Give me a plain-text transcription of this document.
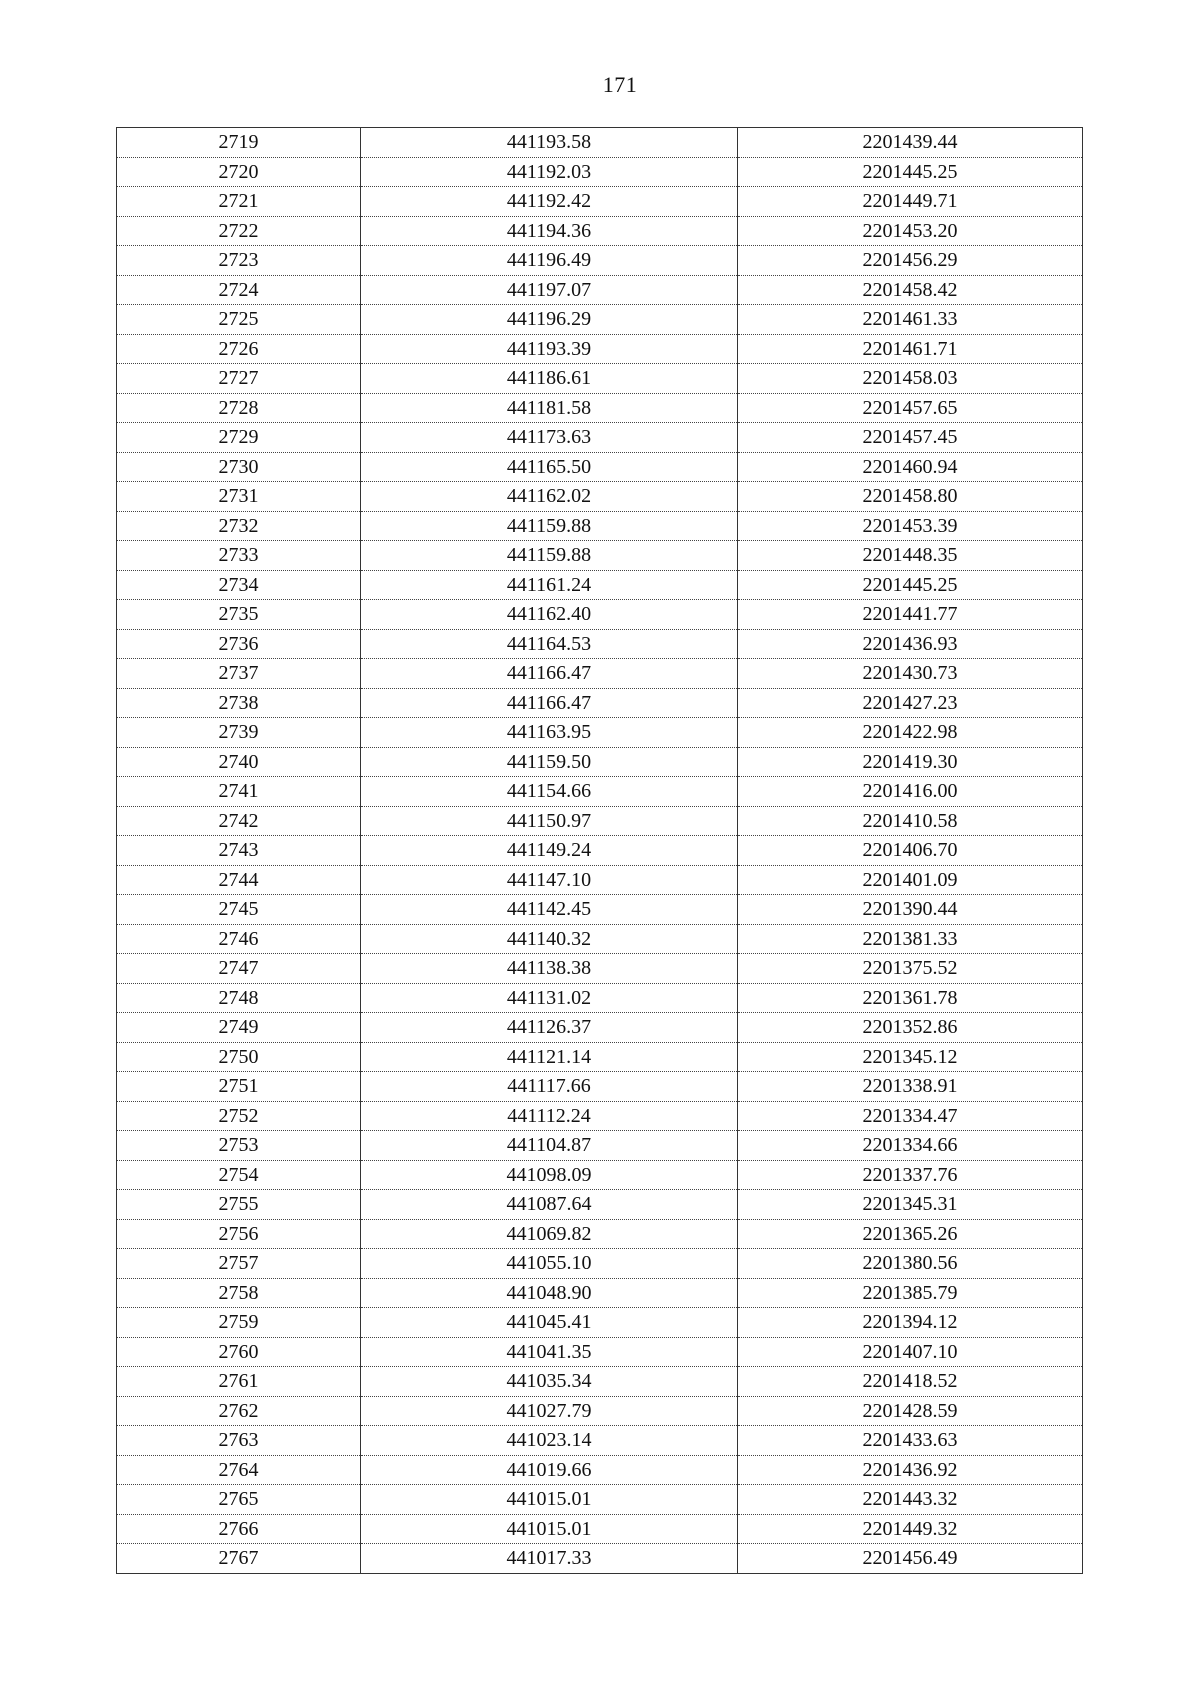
171
2719	441193.58	2201439.44
2720	441192.03	2201445.25
2721	441192.42	2201449.71
2722	441194.36	2201453.20
2723	441196.49	2201456.29
2724	441197.07	2201458.42
2725	441196.29	2201461.33
2726	441193.39	2201461.71
2727	441186.61	2201458.03
2728	441181.58	2201457.65
2729	441173.63	2201457.45
2730	441165.50	2201460.94
2731	441162.02	2201458.80
2732	441159.88	2201453.39
2733	441159.88	2201448.35
2734	441161.24	2201445.25
2735	441162.40	2201441.77
2736	441164.53	2201436.93
2737	441166.47	2201430.73
2738	441166.47	2201427.23
2739	441163.95	2201422.98
2740	441159.50	2201419.30
2741	441154.66	2201416.00
2742	441150.97	2201410.58
2743	441149.24	2201406.70
2744	441147.10	2201401.09
2745	441142.45	2201390.44
2746	441140.32	2201381.33
2747	441138.38	2201375.52
2748	441131.02	2201361.78
2749	441126.37	2201352.86
2750	441121.14	2201345.12
2751	441117.66	2201338.91
2752	441112.24	2201334.47
2753	441104.87	2201334.66
2754	441098.09	2201337.76
2755	441087.64	2201345.31
2756	441069.82	2201365.26
2757	441055.10	2201380.56
2758	441048.90	2201385.79
2759	441045.41	2201394.12
2760	441041.35	2201407.10
2761	441035.34	2201418.52
2762	441027.79	2201428.59
2763	441023.14	2201433.63
2764	441019.66	2201436.92
2765	441015.01	2201443.32
2766	441015.01	2201449.32
2767	441017.33	2201456.49
